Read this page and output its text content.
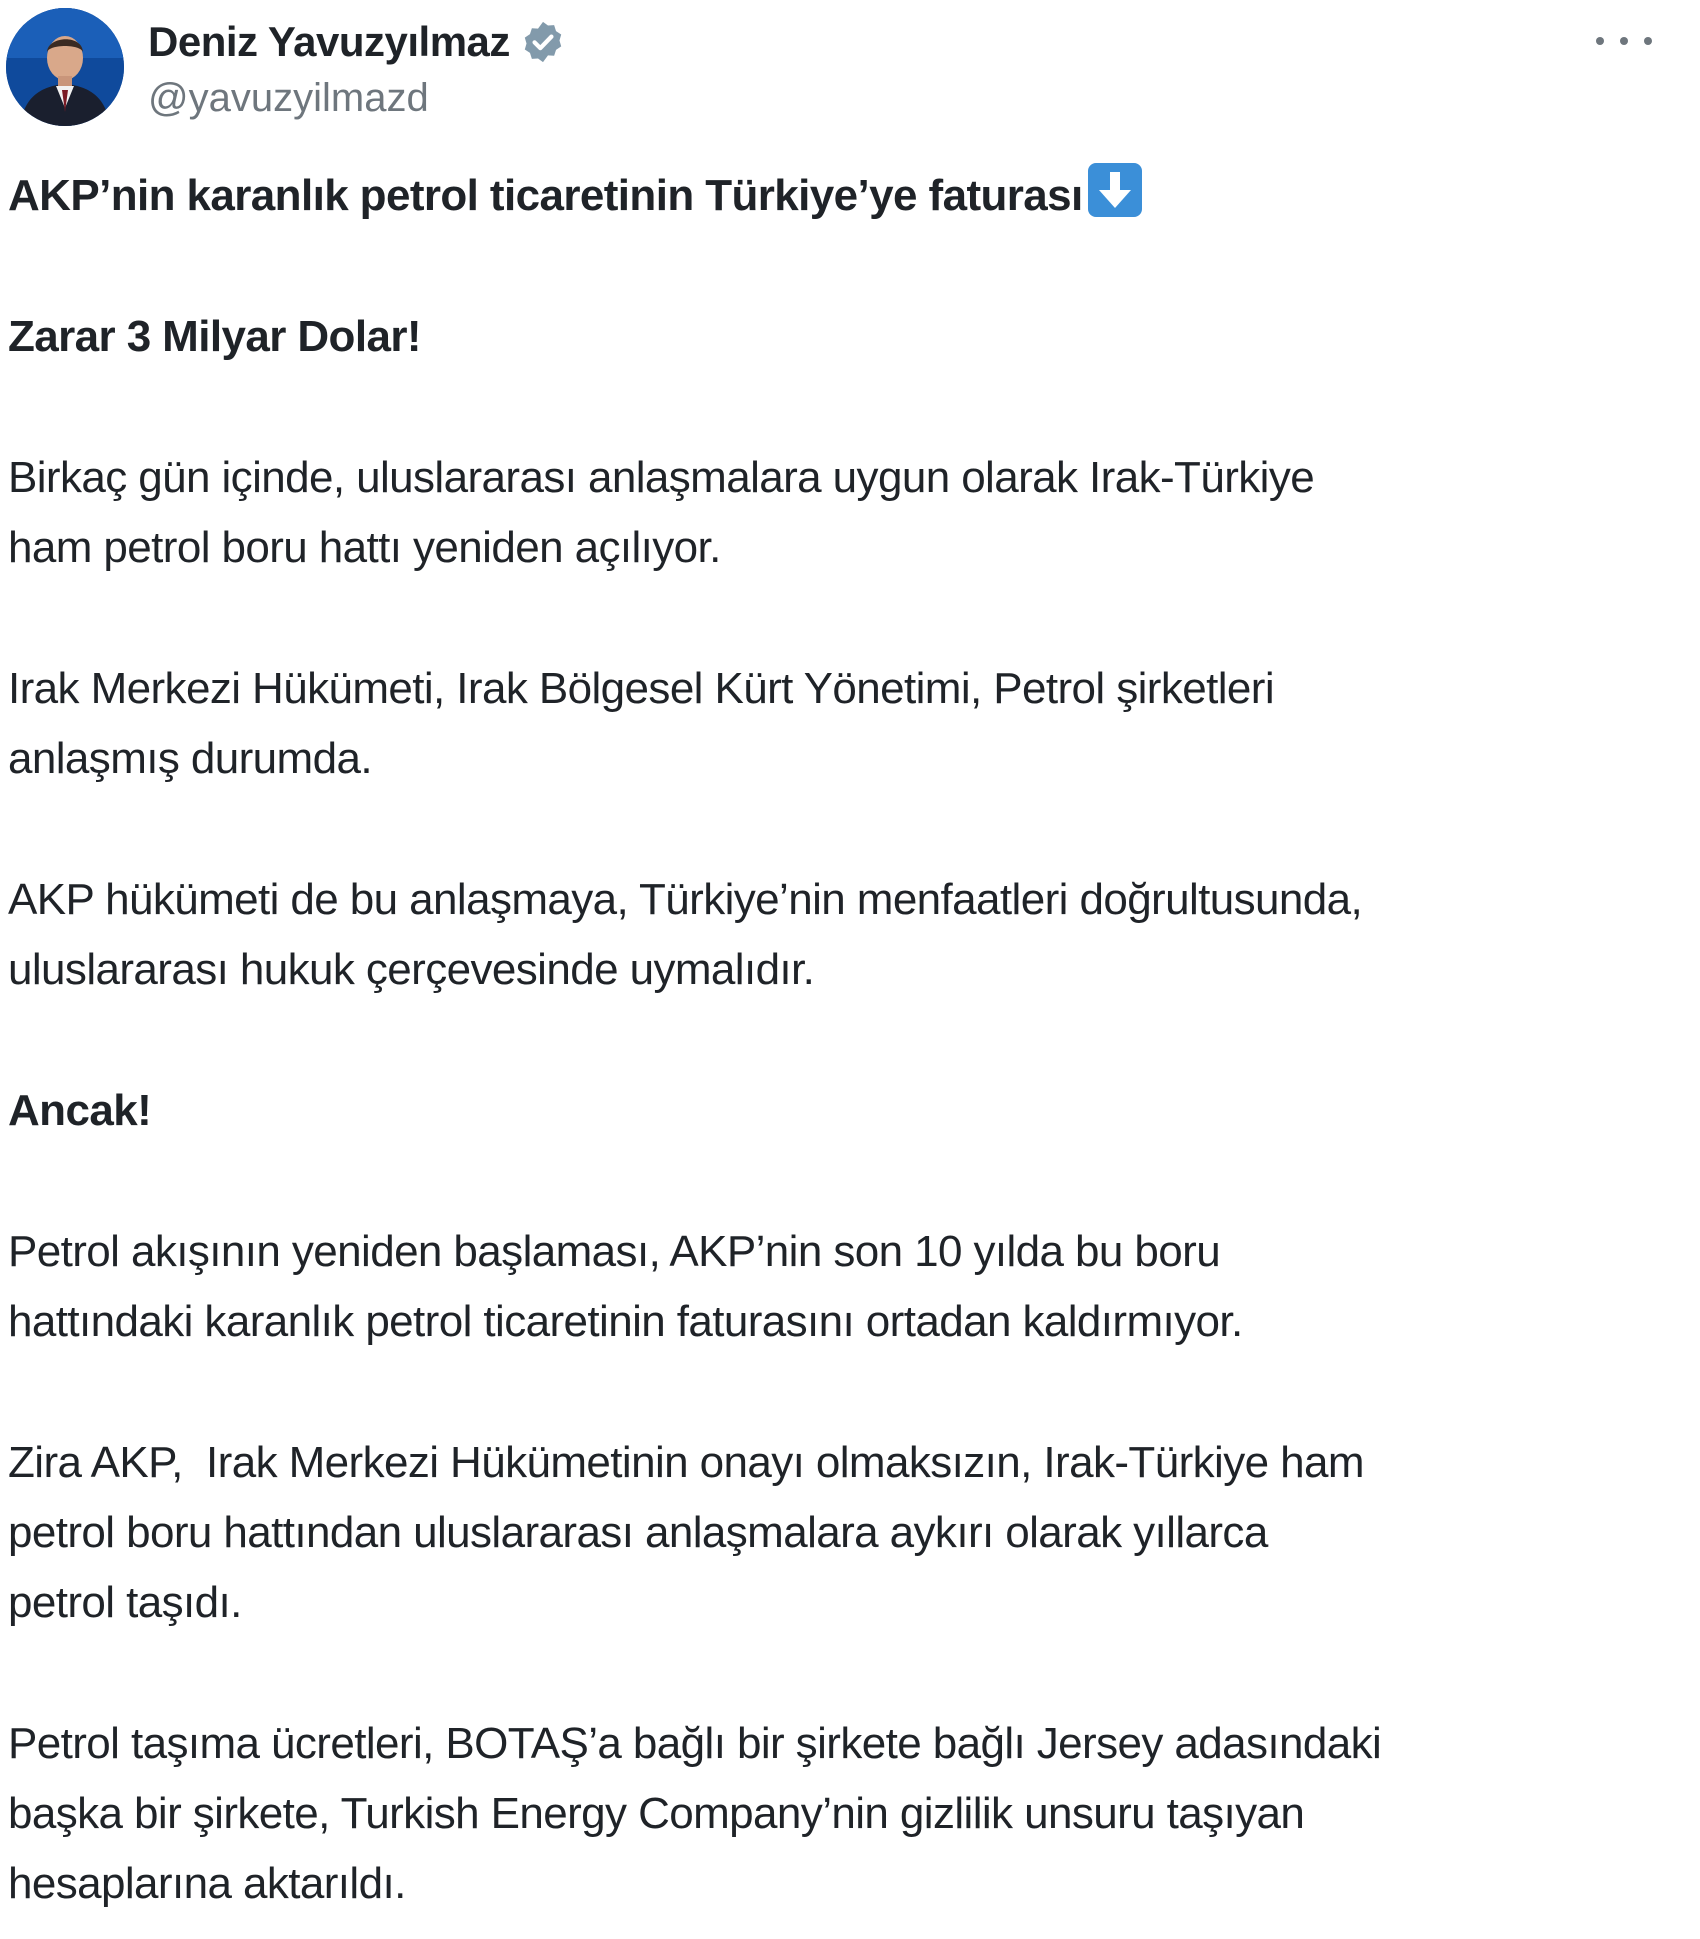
Deniz Yavuzyılmaz
@yavuzyilmazd

AKP’nin karanlık petrol ticaretinin Türkiye’ye faturası

Zarar 3 Milyar Dolar!

Birkaç gün içinde, uluslararası anlaşmalara uygun olarak Irak-Türkiye
ham petrol boru hattı yeniden açılıyor.

Irak Merkezi Hükümeti, Irak Bölgesel Kürt Yönetimi, Petrol şirketleri
anlaşmış durumda.

AKP hükümeti de bu anlaşmaya, Türkiye’nin menfaatleri doğrultusunda,
uluslararası hukuk çerçevesinde uymalıdır.

Ancak!

Petrol akışının yeniden başlaması, AKP’nin son 10 yılda bu boru
hattındaki karanlık petrol ticaretinin faturasını ortadan kaldırmıyor.

Zira AKP,  Irak Merkezi Hükümetinin onayı olmaksızın, Irak-Türkiye ham
petrol boru hattından uluslararası anlaşmalara aykırı olarak yıllarca
petrol taşıdı.

Petrol taşıma ücretleri, BOTAŞ’a bağlı bir şirkete bağlı Jersey adasındaki
başka bir şirkete, Turkish Energy Company’nin gizlilik unsuru taşıyan
hesaplarına aktarıldı.
